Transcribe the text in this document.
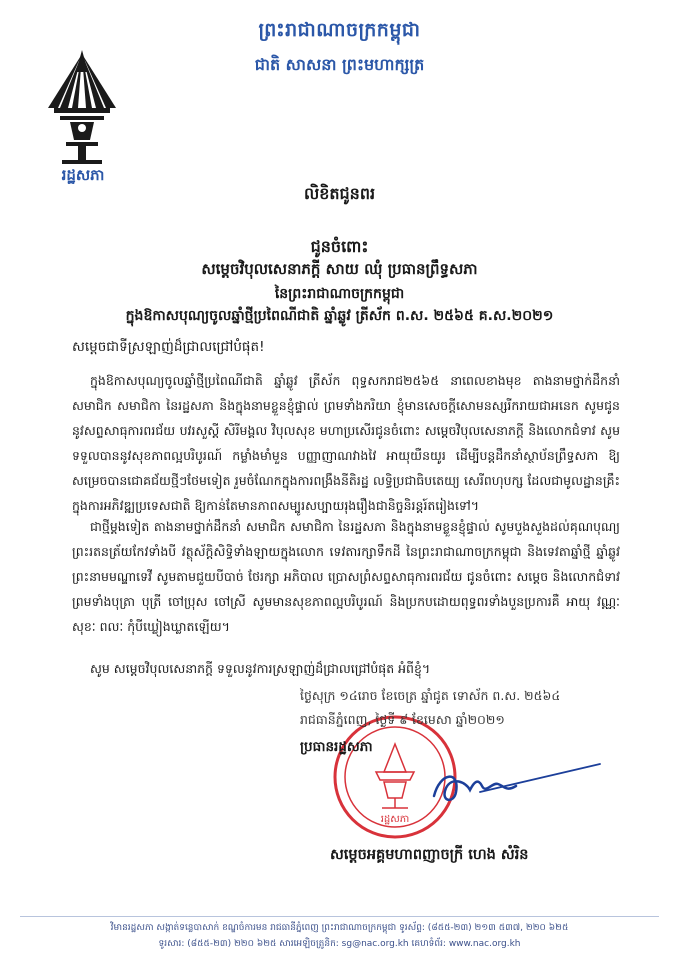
ព្រះរាជាណាចក្រកម្ពុជា
ជាតិ សាសនា ព្រះមហាក្សត្រ
រដ្ឋសភា
លិខិតជូនពរ
ជូនចំពោះ
សម្តេចវិបុលសេនាភក្តី សាយ ឈុំ ប្រធានព្រឹទ្ធសភា
នៃព្រះរាជាណាចក្រកម្ពុជា
ក្នុងឱកាសបុណ្យចូលឆ្នាំថ្មីប្រពៃណីជាតិ ឆ្នាំឆ្លូវ ត្រីស័ក ព.ស. ២៥៦៥ គ.ស.២០២១
សម្តេចជាទីស្រឡាញ់ដ៏ជ្រាលជ្រៅបំផុត!

ក្នុងឱកាសបុណ្យចូលឆ្នាំថ្មីប្រពៃណីជាតិ ឆ្នាំឆ្លូវ ត្រីស័ក ពុទ្ធសករាជ២៥៦៥ នាពេលខាងមុខ តាងនាមថ្នាក់ដឹកនាំ សមាជិក សមាជិកា នៃរដ្ឋសភា និងក្នុងនាមខ្លួនខ្ញុំផ្ទាល់ ព្រមទាំងភរិយា ខ្ញុំមានសេចក្តីសោមនស្សរីករាយជាអនេក សូមជូននូវសព្ទសាធុការពរជ័យ បវរសួស្តី សិរីមង្គល វិបុលសុខ មហាប្រសើរជូនចំពោះ សម្តេចវិបុលសេនាភក្តី និងលោកជំទាវ សូមទទួលបាននូវសុខភាពល្អបរិបូរណ៍ កម្លាំងមាំមួន បញ្ញាញាណវាងវៃ អាយុយឺនយូរ ដើម្បីបន្តដឹកនាំស្ថាប័នព្រឹទ្ធសភា ឱ្យសម្រេចបានជោគជ័យថ្មីៗថែមទៀត រួមចំណែកក្នុងការពង្រឹងនីតិរដ្ឋ លទ្ធិប្រជាធិបតេយ្យ សេរីពហុបក្ស ដែលជាមូលដ្ឋានគ្រឹះ ក្នុងការអភិវឌ្ឍប្រទេសជាតិ ឱ្យកាន់តែមានភាពសម្បូរសប្បាយរុងរឿងជានិច្ចនិរន្តរ៍តរៀងទៅ។

ជាថ្មីម្តងទៀត តាងនាមថ្នាក់ដឹកនាំ សមាជិក សមាជិកា នៃរដ្ឋសភា និងក្នុងនាមខ្លួនខ្ញុំផ្ទាល់ សូមបួងសួងដល់គុណបុណ្យព្រះរតនត្រ័យកែវទាំងបី វត្ថុស័ក្តិសិទ្ធិទាំងឡាយក្នុងលោក ទេវតារក្សាទឹកដី នៃព្រះរាជាណាចក្រកម្ពុជា និងទេវតាឆ្នាំថ្មី ឆ្នាំឆ្លូវ ព្រះនាមមណ្ឌាទេវី សូមតាមជួយបីបាច់ ថែរក្សា អភិបាល ប្រោសព្រំសព្ទសាធុការពរជ័យ ជូនចំពោះ សម្តេច និងលោកជំទាវ ព្រមទាំងបុត្រា បុត្រី ចៅប្រុស ចៅស្រី សូមមានសុខភាពល្អបរិបូរណ៍ និងប្រកបដោយពុទ្ធពរទាំងបួនប្រការគឺ អាយុ វណ្ណៈ សុខៈ ពលៈ កុំបីឃ្លៀងឃ្លាតឡើយ។

សូម សម្តេចវិបុលសេនាភក្តី ទទួលនូវការស្រឡាញ់ដ៏ជ្រាលជ្រៅបំផុត អំពីខ្ញុំ។

រដ្ឋសភា
ថ្ងៃសុក្រ ១៤រោច ខែចេត្រ ឆ្នាំជូត ទោស័ក ព.ស. ២៥៦៤
រាជធានីភ្នំពេញ, ថ្ងៃទី ៩ ខែមេសា ឆ្នាំ២០២១
ប្រធានរដ្ឋសភា
សម្តេចអគ្គមហាពញាចក្រី ហេង សំរិន
វិមានរដ្ឋសភា សង្កាត់ទន្លេបាសាក់ ខណ្ឌចំការមន រាជធានីភ្នំពេញ ព្រះរាជាណាចក្រកម្ពុជា ទូរស័ព្ទ: (៨៥៥-២៣) ២១៣ ៥៣៧, ២២០ ៦២៥
ទូរសារ: (៨៥៥-២៣) ២២០ ៦២៥ សារអេឡិចត្រូនិក: sg@nac.org.kh គេហទំព័រ: www.nac.org.kh
